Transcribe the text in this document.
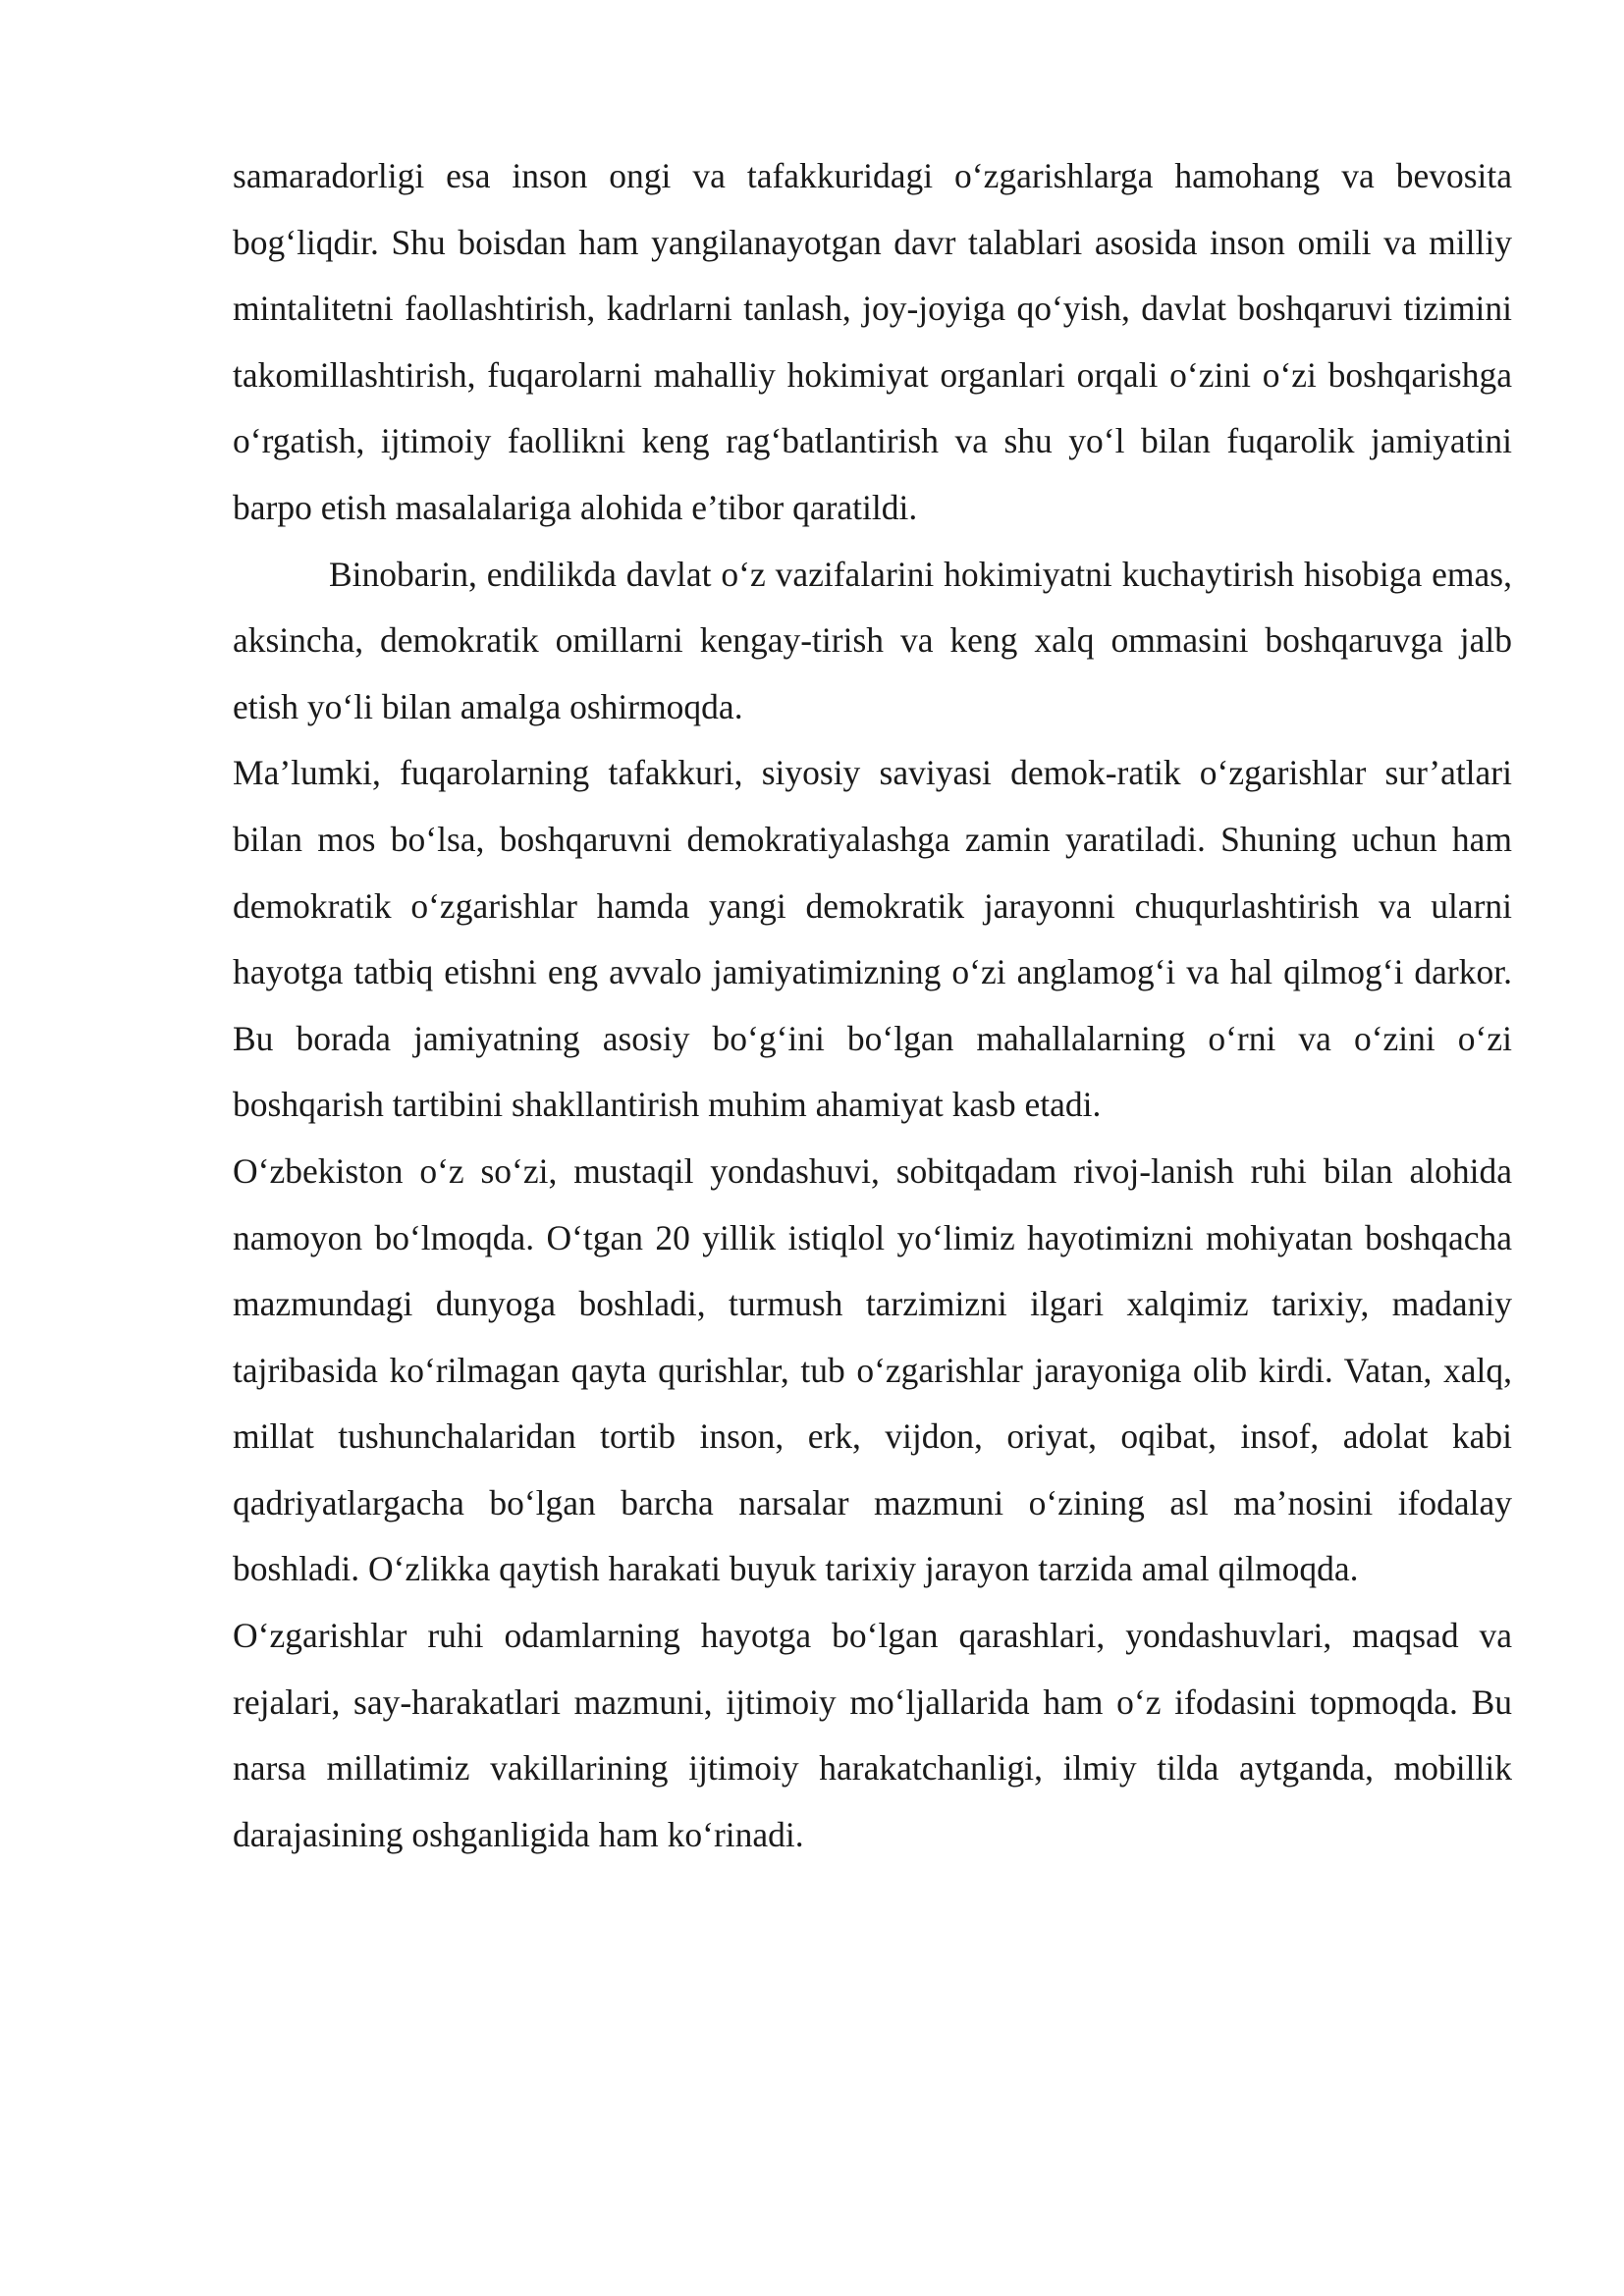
samaradorligi esa inson ongi va tafakkuridagi o‘zgarishlarga hamohang va bevosita bog‘liqdir. Shu boisdan ham yangilanayotgan davr talablari asosida inson omili va milliy mintalitetni faollashtirish, kadrlarni tanlash, joy-joyiga qo‘yish, davlat boshqaruvi tizimini takomillashtirish, fuqarolarni mahalliy hokimiyat organlari orqali o‘zini o‘zi boshqarishga o‘rgatish, ijtimoiy faollikni keng rag‘batlantirish va shu yo‘l bilan fuqarolik jamiyatini barpo etish masalalariga alohida e’tibor qaratildi.

Binobarin, endilikda davlat o‘z vazifalarini hokimiyatni kuchaytirish hisobiga emas, aksincha, demokratik omillarni kengay-tirish va keng xalq ommasini boshqaruvga jalb etish yo‘li bilan amalga oshirmoqda.

Ma’lumki, fuqarolarning tafakkuri, siyosiy saviyasi demok-ratik o‘zgarishlar sur’atlari bilan mos bo‘lsa, boshqaruvni demokratiyalashga zamin yaratiladi. Shuning uchun ham demokratik o‘zgarishlar hamda yangi demokratik jarayonni chuqurlashtirish va ularni hayotga tatbiq etishni eng avvalo jamiyatimizning o‘zi anglamog‘i va hal qilmog‘i darkor. Bu borada jamiyatning asosiy bo‘g‘ini bo‘lgan mahallalarning o‘rni va o‘zini o‘zi boshqarish tartibini shakllantirish muhim ahamiyat kasb etadi.

O‘zbekiston o‘z so‘zi, mustaqil yondashuvi, sobitqadam rivoj-lanish ruhi bilan alohida namoyon bo‘lmoqda. O‘tgan 20 yillik istiqlol yo‘limiz hayotimizni mohiyatan boshqacha mazmundagi dunyoga boshladi, turmush tarzimizni ilgari xalqimiz tarixiy, madaniy tajribasida ko‘rilmagan qayta qurishlar, tub o‘zgarishlar jarayoniga olib kirdi. Vatan, xalq, millat tushunchalaridan tortib inson, erk, vijdon, oriyat, oqibat, insof, adolat kabi qadriyatlargacha bo‘lgan barcha narsalar mazmuni o‘zining asl ma’nosini ifodalay boshladi. O‘zlikka qaytish harakati buyuk tarixiy jarayon tarzida amal qilmoqda.

O‘zgarishlar ruhi odamlarning hayotga bo‘lgan qarashlari, yondashuvlari, maqsad va rejalari, say-harakatlari mazmuni, ijtimoiy mo‘ljallarida ham o‘z ifodasini topmoqda. Bu narsa millatimiz vakillarining ijtimoiy harakatchanligi, ilmiy tilda aytganda, mobillik darajasining oshganligida ham ko‘rinadi.
